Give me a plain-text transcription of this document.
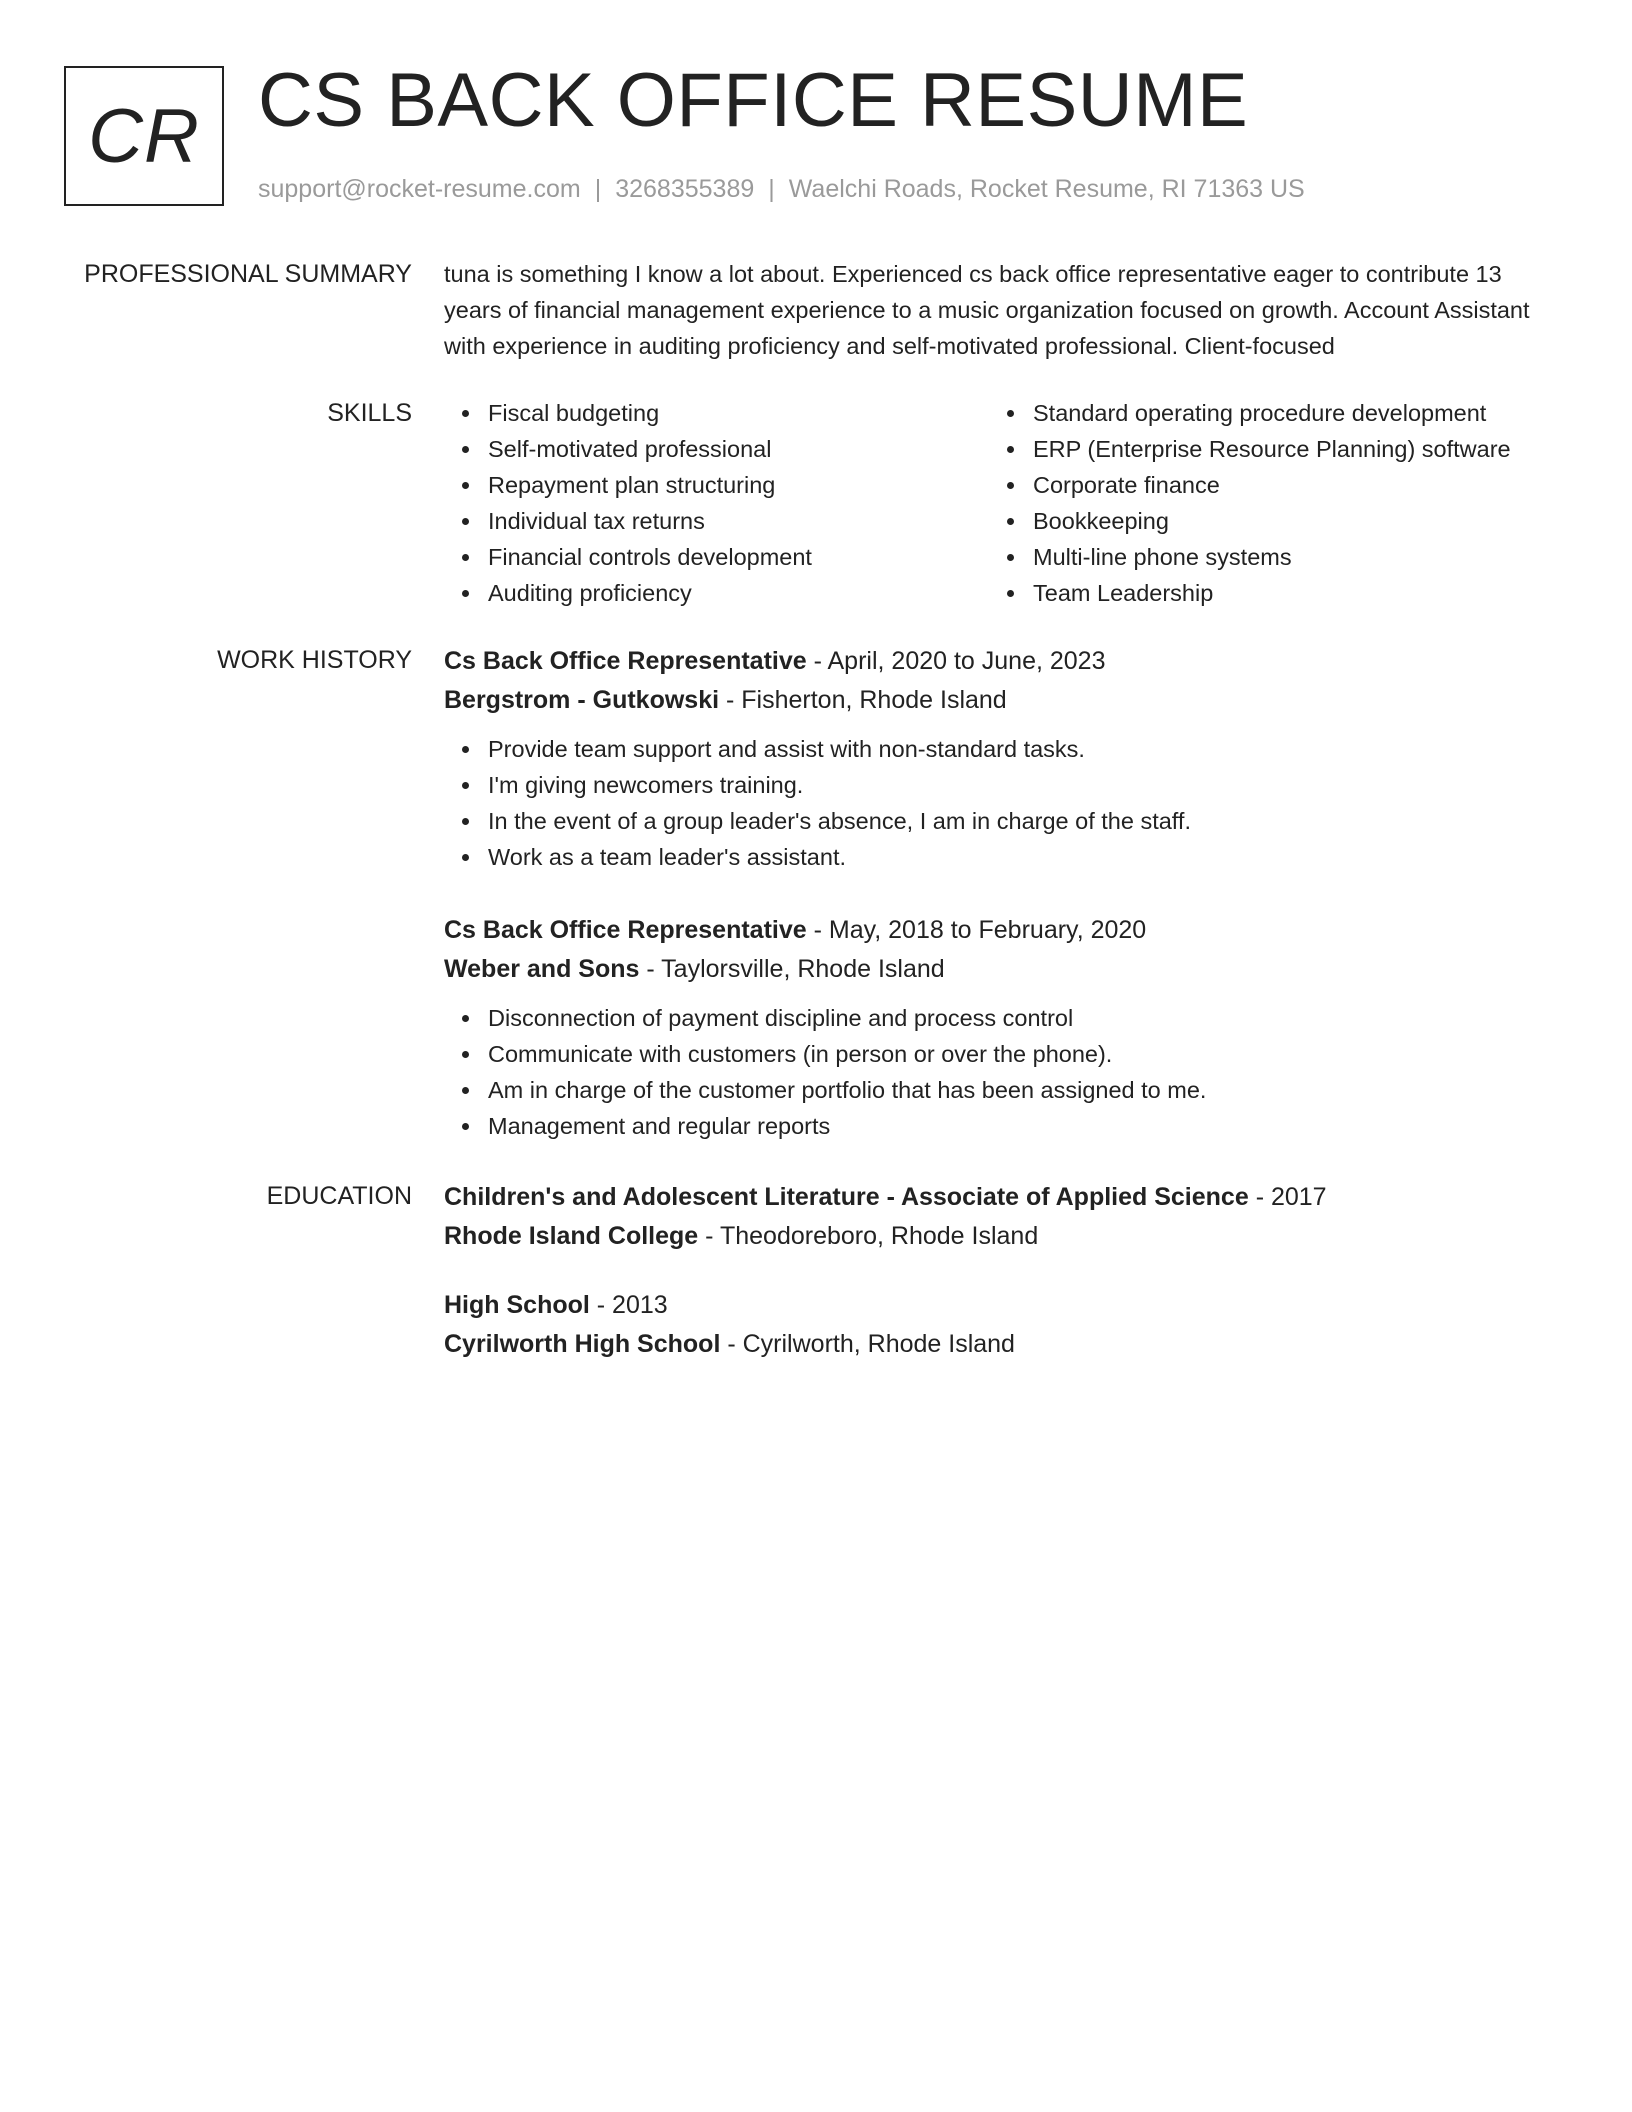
CR CS BACK OFFICE RESUME
support@rocket-resume.com | 3268355389 | Waelchi Roads, Rocket Resume, RI 71363 US
PROFESSIONAL SUMMARY tuna is something I know a lot about. Experienced cs back office representative eager to contribute 13 years of financial management experience to a music organization focused on growth. Account Assistant with experience in auditing proficiency and self-motivated professional. Client-focused

SKILLS	Fiscal budgeting
Self-motivated professional
Repayment plan structuring
Individual tax returns
Financial controls development
Auditing proficiency
Standard operating procedure development
ERP (Enterprise Resource Planning) software
Corporate finance
Bookkeeping
Multi-line phone systems
Team Leadership
WORK HISTORY Cs Back Office Representative - April, 2020 to June, 2023
Bergstrom - Gutkowski - Fisherton, Rhode Island
Provide team support and assist with non-standard tasks.
I'm giving newcomers training.
In the event of a group leader's absence, I am in charge of the staff.
Work as a team leader's assistant.
Cs Back Office Representative - May, 2018 to February, 2020
Weber and Sons - Taylorsville, Rhode Island
Disconnection of payment discipline and process control
Communicate with customers (in person or over the phone).
Am in charge of the customer portfolio that has been assigned to me.
Management and regular reports
EDUCATION Children's and Adolescent Literature - Associate of Applied Science - 2017
Rhode Island College - Theodoreboro, Rhode Island
High School - 2013
Cyrilworth High School - Cyrilworth, Rhode Island
